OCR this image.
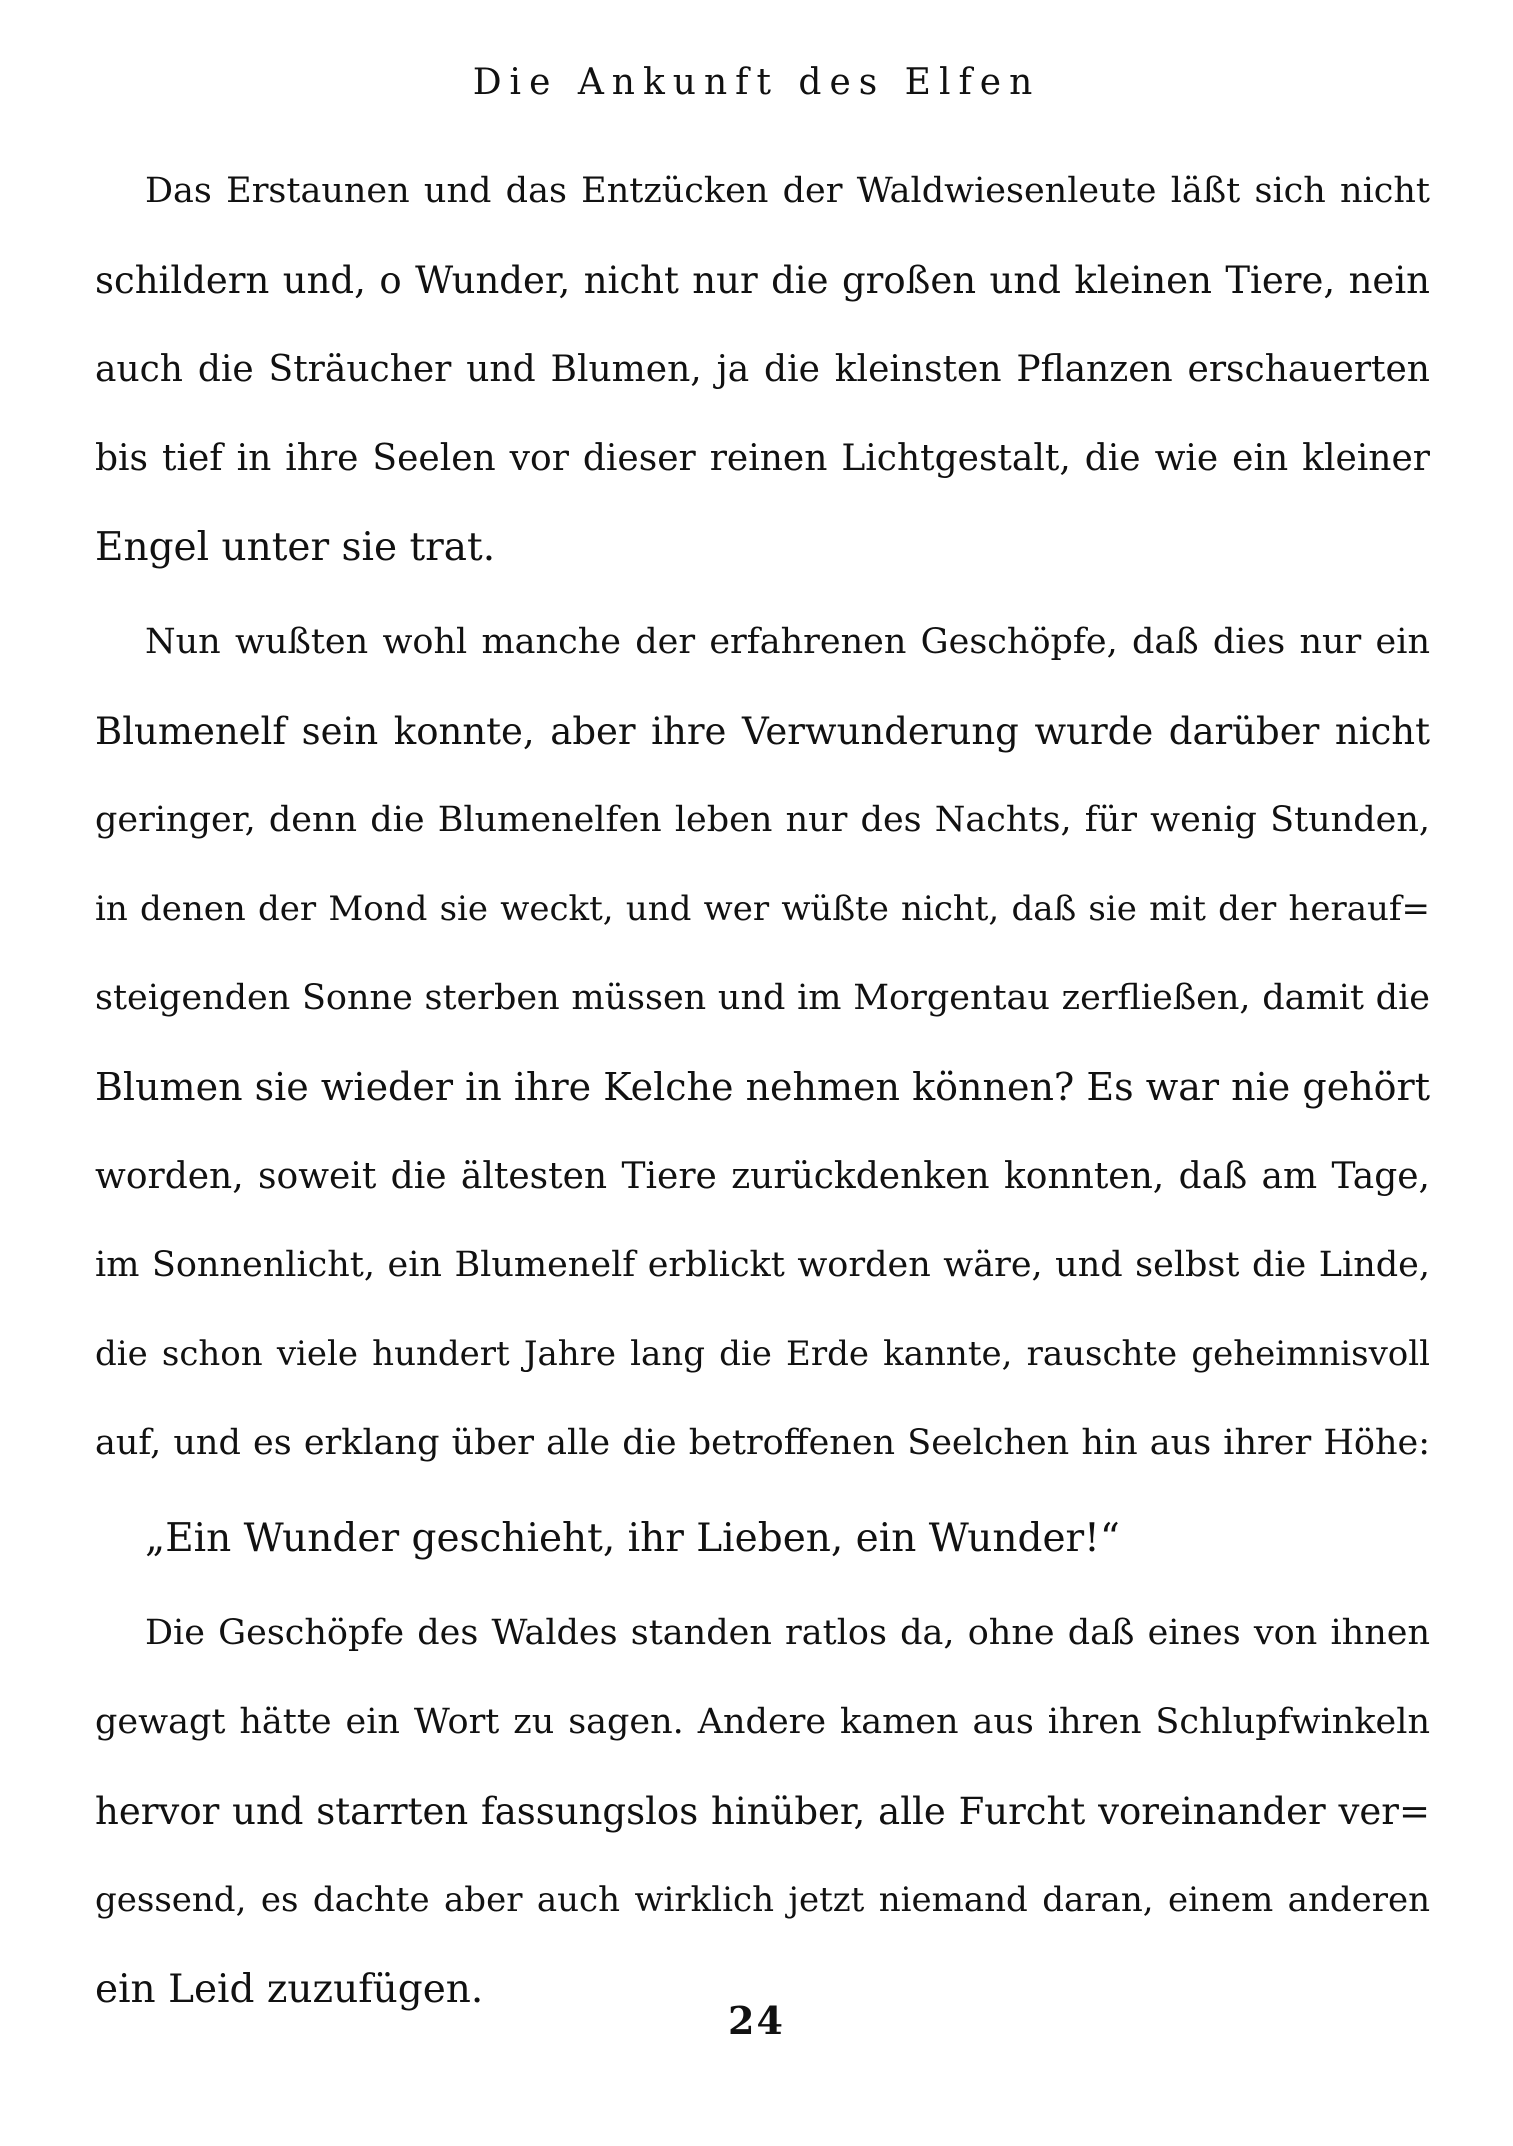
Die Ankunft des Elfen

Das Erstaunen und das Entzücken der Waldwiesenleute läßt sich nicht
schildern und, o Wunder, nicht nur die großen und kleinen Tiere, nein
auch die Sträucher und Blumen, ja die kleinsten Pflanzen erschauerten
bis tief in ihre Seelen vor dieser reinen Lichtgestalt, die wie ein kleiner
Engel unter sie trat.

Nun wußten wohl manche der erfahrenen Geschöpfe, daß dies nur ein
Blumenelf sein konnte, aber ihre Verwunderung wurde darüber nicht
geringer, denn die Blumenelfen leben nur des Nachts, für wenig Stunden,
in denen der Mond sie weckt, und wer wüßte nicht, daß sie mit der herauf=
steigenden Sonne sterben müssen und im Morgentau zerfließen, damit die
Blumen sie wieder in ihre Kelche nehmen können? Es war nie gehört
worden, soweit die ältesten Tiere zurückdenken konnten, daß am Tage,
im Sonnenlicht, ein Blumenelf erblickt worden wäre, und selbst die Linde,
die schon viele hundert Jahre lang die Erde kannte, rauschte geheimnisvoll
auf, und es erklang über alle die betroffenen Seelchen hin aus ihrer Höhe:

„Ein Wunder geschieht, ihr Lieben, ein Wunder!“

Die Geschöpfe des Waldes standen ratlos da, ohne daß eines von ihnen
gewagt hätte ein Wort zu sagen. Andere kamen aus ihren Schlupfwinkeln
hervor und starrten fassungslos hinüber, alle Furcht voreinander ver=
gessend, es dachte aber auch wirklich jetzt niemand daran, einem anderen
ein Leid zuzufügen.

24
